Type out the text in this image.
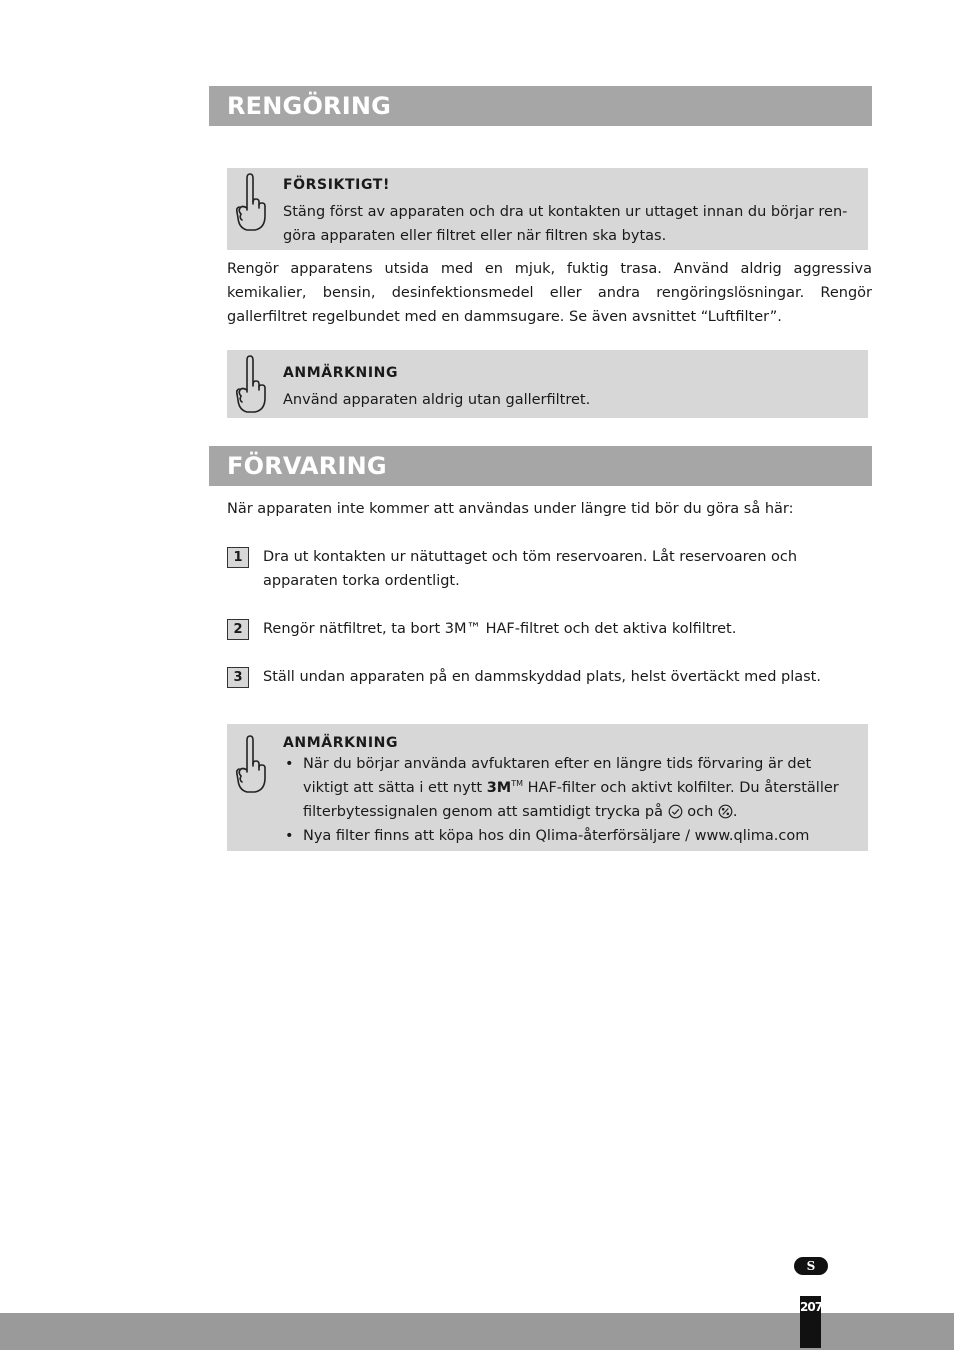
RENGÖRING
FÖRSIKTIGT!
Stäng först av apparaten och dra ut kontakten ur uttaget innan du börjar ren-göra apparaten eller filtret eller när filtren ska bytas.
Rengör apparatens utsida med en mjuk, fuktig trasa. Använd aldrig aggressiva kemikalier, bensin, desinfektionsmedel eller andra rengöringslösningar. Rengör gallerfiltret regelbundet med en dammsugare. Se även avsnittet “Luftfilter”.
ANMÄRKNING
Använd apparaten aldrig utan gallerfiltret.
FÖRVARING
När apparaten inte kommer att användas under längre tid bör du göra så här:
1	Dra ut kontakten ur nätuttaget och töm reservoaren. Låt reservoaren och apparaten torka ordentligt.
2	Rengör nätfiltret, ta bort 3M™ HAF-filtret och det aktiva kolfiltret.
3	Ställ undan apparaten på en dammskyddad plats, helst övertäckt med plast.
ANMÄRKNING
• När du börjar använda avfuktaren efter en längre tids förvaring är det viktigt att sätta i ett nytt 3M™ HAF-filter och aktivt kolfilter. Du återställer filterbytessignalen genom att samtidigt trycka på  och .
• Nya filter finns att köpa hos din Qlima-återförsäljare / www.qlima.com
S
207
